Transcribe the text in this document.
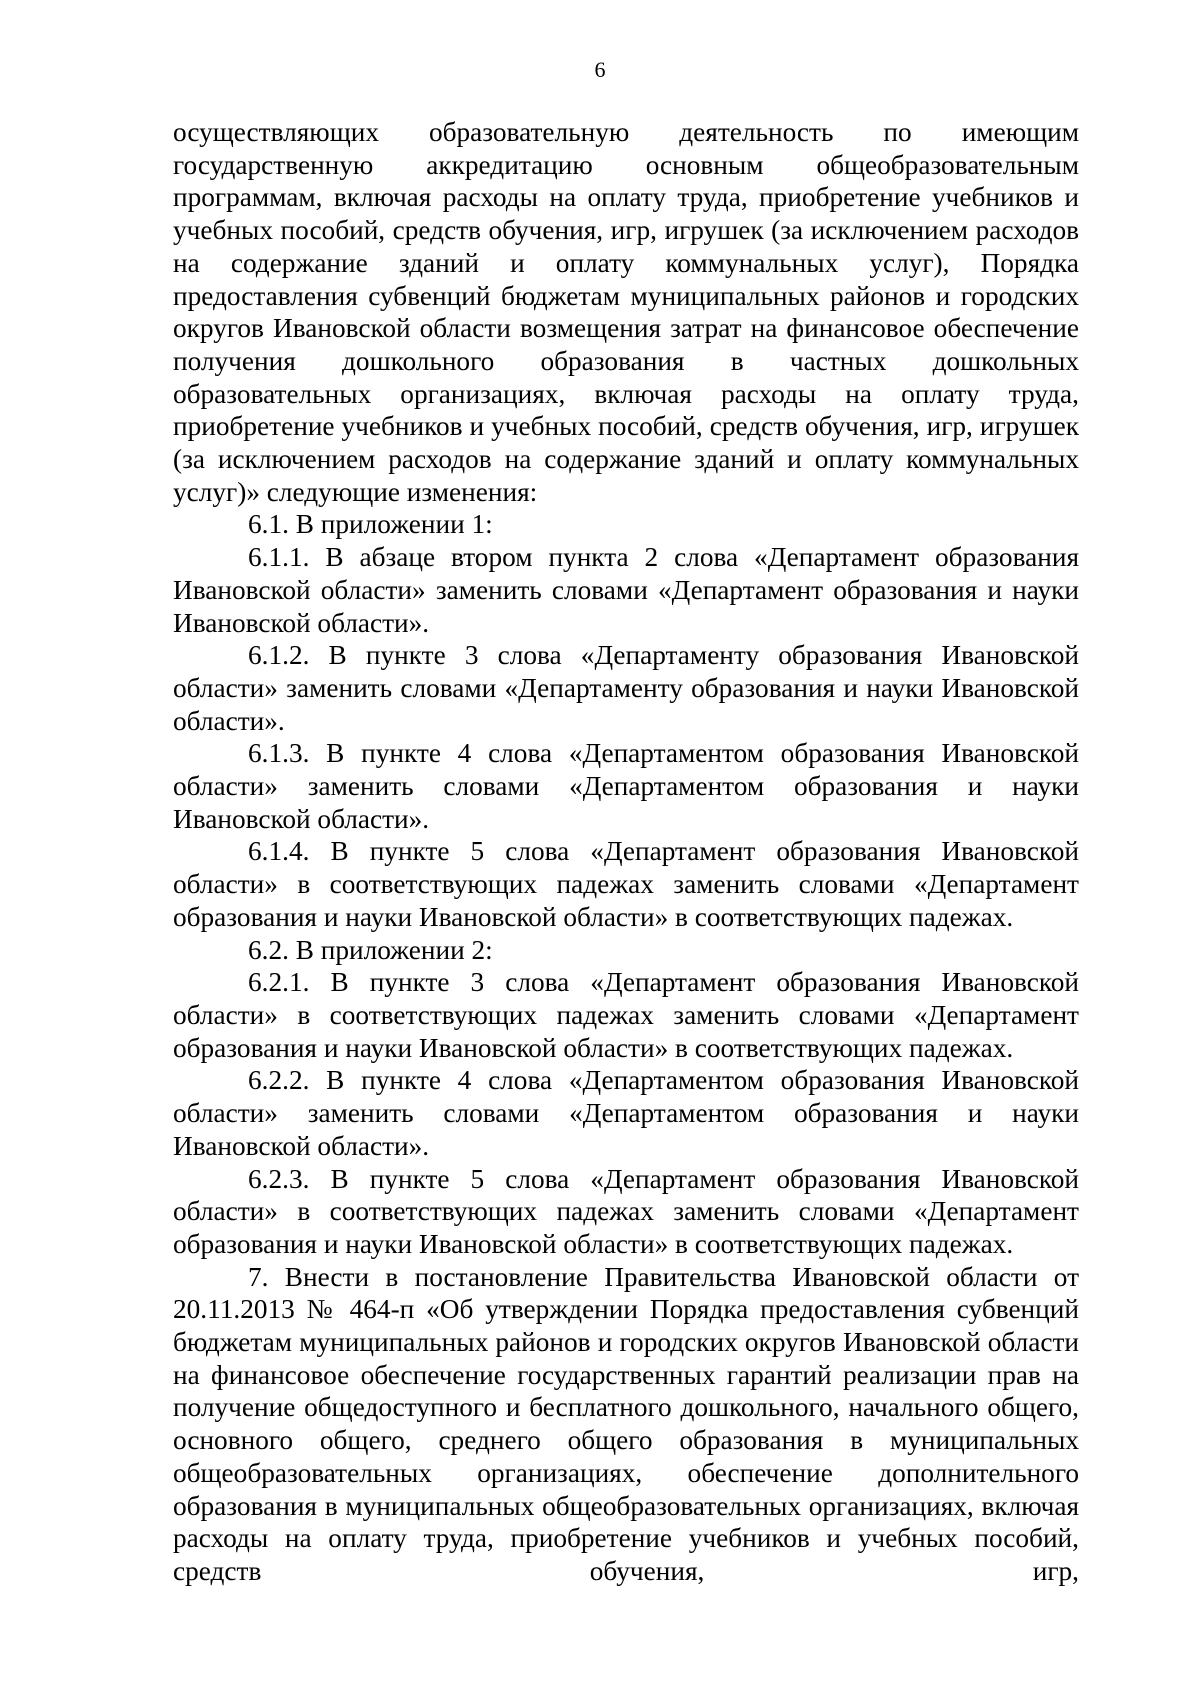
6

осуществляющих образовательную деятельность по имеющим государственную аккредитацию основным общеобразовательным программам, включая расходы на оплату труда, приобретение учебников и учебных пособий, средств обучения, игр, игрушек (за исключением расходов на содержание зданий и оплату коммунальных услуг), Порядка предоставления субвенций бюджетам муниципальных районов и городских округов Ивановской области возмещения затрат на финансовое обеспечение получения дошкольного образования в частных дошкольных образовательных организациях, включая расходы на оплату труда, приобретение учебников и учебных пособий, средств обучения, игр, игрушек (за исключением расходов на содержание зданий и оплату коммунальных услуг)» следующие изменения:

6.1. В приложении 1:

6.1.1. В абзаце втором пункта 2 слова «Департамент образования Ивановской области» заменить словами «Департамент образования и науки Ивановской области».

6.1.2. В пункте 3 слова «Департаменту образования Ивановской области» заменить словами «Департаменту образования и науки Ивановской области».

6.1.3. В пункте 4 слова «Департаментом образования Ивановской области» заменить словами «Департаментом образования и науки Ивановской области».

6.1.4. В пункте 5 слова «Департамент образования Ивановской области» в соответствующих падежах заменить словами «Департамент образования и науки Ивановской области» в соответствующих падежах.

6.2. В приложении 2:

6.2.1. В пункте 3 слова «Департамент образования Ивановской области» в соответствующих падежах заменить словами «Департамент образования и науки Ивановской области» в соответствующих падежах.

6.2.2. В пункте 4 слова «Департаментом образования Ивановской области» заменить словами «Департаментом образования и науки Ивановской области».

6.2.3. В пункте 5 слова «Департамент образования Ивановской области» в соответствующих падежах заменить словами «Департамент образования и науки Ивановской области» в соответствующих падежах.

7. Внести в постановление Правительства Ивановской области от 20.11.2013 № 464-п «Об утверждении Порядка предоставления субвенций бюджетам муниципальных районов и городских округов Ивановской области на финансовое обеспечение государственных гарантий реализации прав на получение общедоступного и бесплатного дошкольного, начального общего, основного общего, среднего общего образования в муниципальных общеобразовательных организациях, обеспечение дополнительного образования в муниципальных общеобразовательных организациях, включая расходы на оплату труда, приобретение учебников и учебных пособий, средств обучения, игр,
